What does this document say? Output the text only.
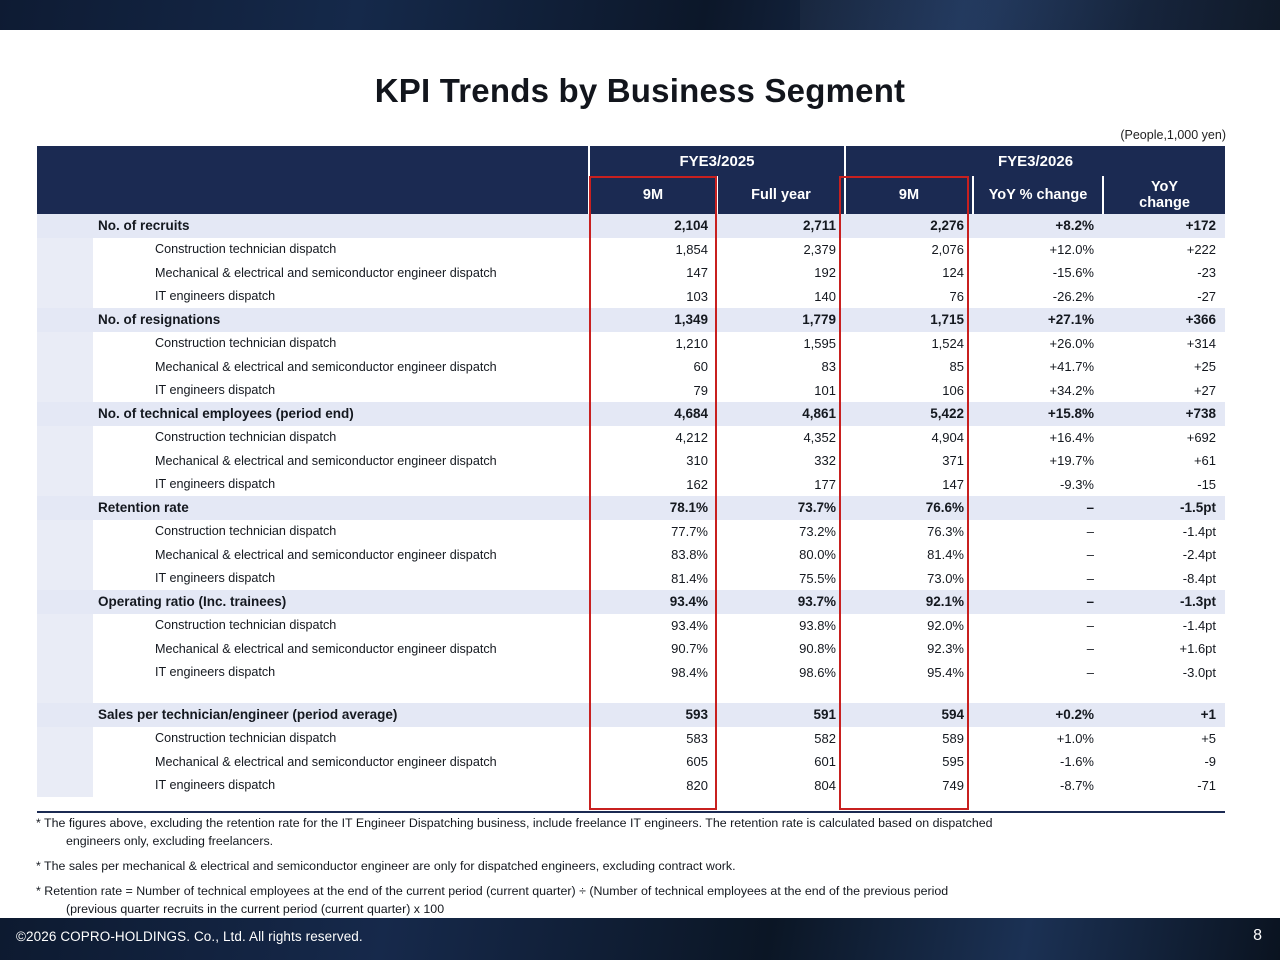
KPI Trends by Business Segment
(People,1,000 yen)
		FYE3/2025		FYE3/2026		
		9M	Full year	9M	YoY % change	YoY
change

	No. of recruits	2,104	2,711	2,276	+8.2%	+172
	Construction technician dispatch	1,854	2,379	2,076	+12.0%	+222
	Mechanical & electrical and semiconductor engineer dispatch	147	192	124	-15.6%	-23
	IT engineers dispatch	103	140	76	-26.2%	-27
	No. of resignations	1,349	1,779	1,715	+27.1%	+366
	Construction technician dispatch	1,210	1,595	1,524	+26.0%	+314
	Mechanical & electrical and semiconductor engineer dispatch	60	83	85	+41.7%	+25
	IT engineers dispatch	79	101	106	+34.2%	+27
	No. of technical employees (period end)	4,684	4,861	5,422	+15.8%	+738
	Construction technician dispatch	4,212	4,352	4,904	+16.4%	+692
	Mechanical & electrical and semiconductor engineer dispatch	310	332	371	+19.7%	+61
	IT engineers dispatch	162	177	147	-9.3%	-15
	Retention rate	78.1%	73.7%	76.6%	–	-1.5pt
	Construction technician dispatch	77.7%	73.2%	76.3%	–	-1.4pt
	Mechanical & electrical and semiconductor engineer dispatch	83.8%	80.0%	81.4%	–	-2.4pt
	IT engineers dispatch	81.4%	75.5%	73.0%	–	-8.4pt
	Operating ratio (Inc. trainees)	93.4%	93.7%	92.1%	–	-1.3pt
	Construction technician dispatch	93.4%	93.8%	92.0%	–	-1.4pt
	Mechanical & electrical and semiconductor engineer dispatch	90.7%	90.8%	92.3%	–	+1.6pt
	IT engineers dispatch	98.4%	98.6%	95.4%	–	-3.0pt

	Sales per technician/engineer (period average)	593	591	594	+0.2%	+1
	Construction technician dispatch	583	582	589	+1.0%	+5
	Mechanical & electrical and semiconductor engineer dispatch	605	601	595	-1.6%	-9
	IT engineers dispatch	820	804	749	-8.7%	-71

* The figures above, excluding the retention rate for the IT Engineer Dispatching business, include freelance IT engineers. The retention rate is calculated based on dispatched
engineers only, excluding freelancers.

* The sales per mechanical & electrical and semiconductor engineer are only for dispatched engineers, excluding contract work.

* Retention rate = Number of technical employees at the end of the current period (current quarter) ÷ (Number of technical employees at the end of the previous period
(previous quarter recruits in the current period (current quarter) x 100

©2026 COPRO-HOLDINGS. Co., Ltd. All rights reserved.	8
